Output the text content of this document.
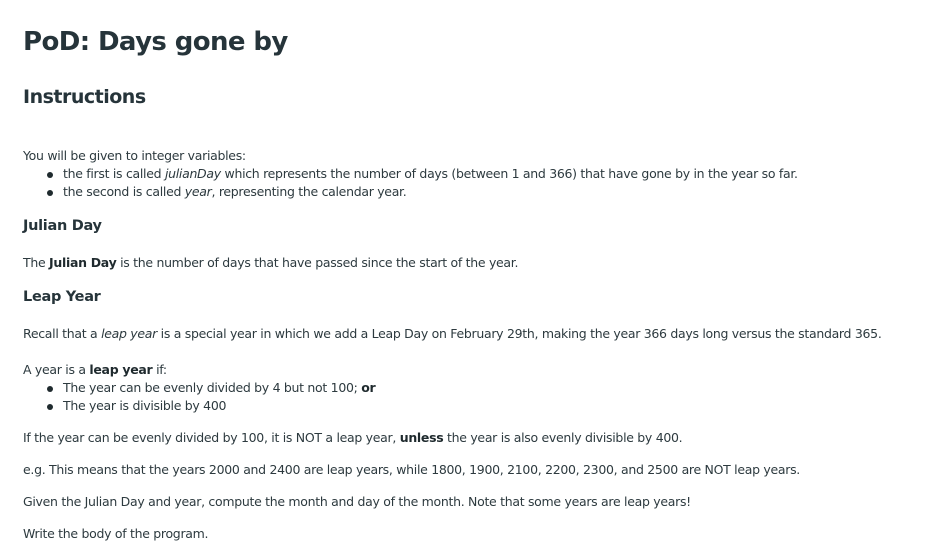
PoD: Days gone by
Instructions

You will be given to integer variables:

the first is called julianDay which represents the number of days (between 1 and 366) that have gone by in the year so far.
the second is called year, representing the calendar year.
Julian Day

The Julian Day is the number of days that have passed since the start of the year.

Leap Year

Recall that a leap year is a special year in which we add a Leap Day on February 29th, making the year 366 days long versus the standard 365.

A year is a leap year if:

The year can be evenly divided by 4 but not 100; or
The year is divisible by 400

If the year can be evenly divided by 100, it is NOT a leap year, unless the year is also evenly divisible by 400.

e.g. This means that the years 2000 and 2400 are leap years, while 1800, 1900, 2100, 2200, 2300, and 2500 are NOT leap years.

Given the Julian Day and year, compute the month and day of the month. Note that some years are leap years!

Write the body of the program.
